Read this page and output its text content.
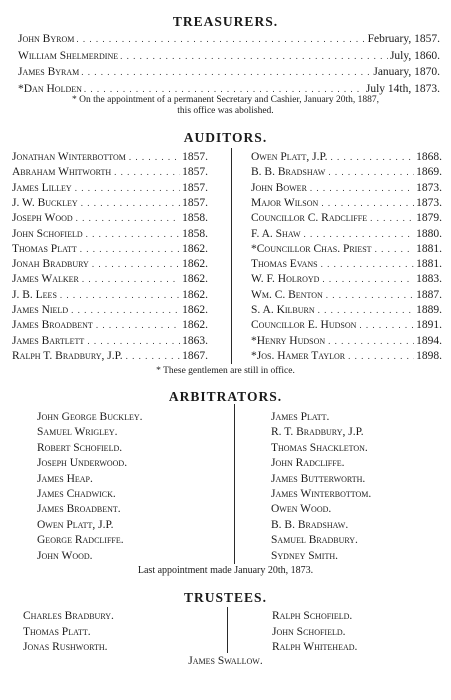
TREASURERS.
John Byrom . . .	February, 1857.
William Shelmerdine . . .	July, 1860.
James Byram . . .	January, 1870.
*Dan Holden . . .	July 14th, 1873.
* On the appointment of a permanent Secretary and Cashier, January 20th, 1887,
this office was abolished.
AUDITORS.
Jonathan Winterbottom . . .	1857.
Abraham Whitworth . . .	1857.
James Lilley . . .	1857.
J. W. Buckley . . .	1857.
Joseph Wood . . .	1858.
John Schofield . . .	1858.
Thomas Platt . . .	1862.
Jonah Bradbury . . .	1862.
James Walker . . .	1862.
J. B. Lees . . .	1862.
James Nield . . .	1862.
James Broadbent . . .	1862.
James Bartlett . . .	1863.
Ralph T. Bradbury, J.P. . . .	1867.
Owen Platt, J.P. . . .	1868.
B. B. Bradshaw . . .	1869.
John Bower . . .	1873.
Major Wilson . . .	1873.
Councillor C. Radcliffe . . .	1879.
F. A. Shaw . . .	1880.
*Councillor Chas. Priest . . .	1881.
Thomas Evans . . .	1881.
W. F. Holroyd . . .	1883.
Wm. C. Benton . . .	1887.
S. A. Kilburn . . .	1889.
Councillor E. Hudson . . .	1891.
*Henry Hudson . . .	1894.
*Jos. Hamer Taylor . . .	1898.
* These gentlemen are still in office.
ARBITRATORS.
John George Buckley.
Samuel Wrigley.
Robert Schofield.
Joseph Underwood.
James Heap.
James Chadwick.
James Broadbent.
Owen Platt, J.P.
George Radcliffe.
John Wood.
James Platt.
R. T. Bradbury, J.P.
Thomas Shackleton.
John Radcliffe.
James Butterworth.
James Winterbottom.
Owen Wood.
B. B. Bradshaw.
Samuel Bradbury.
Sydney Smith.
Last appointment made January 20th, 1873.
TRUSTEES.
Charles Bradbury.
Thomas Platt.
Jonas Rushworth.
Ralph Schofield.
John Schofield.
Ralph Whitehead.
James Swallow.
